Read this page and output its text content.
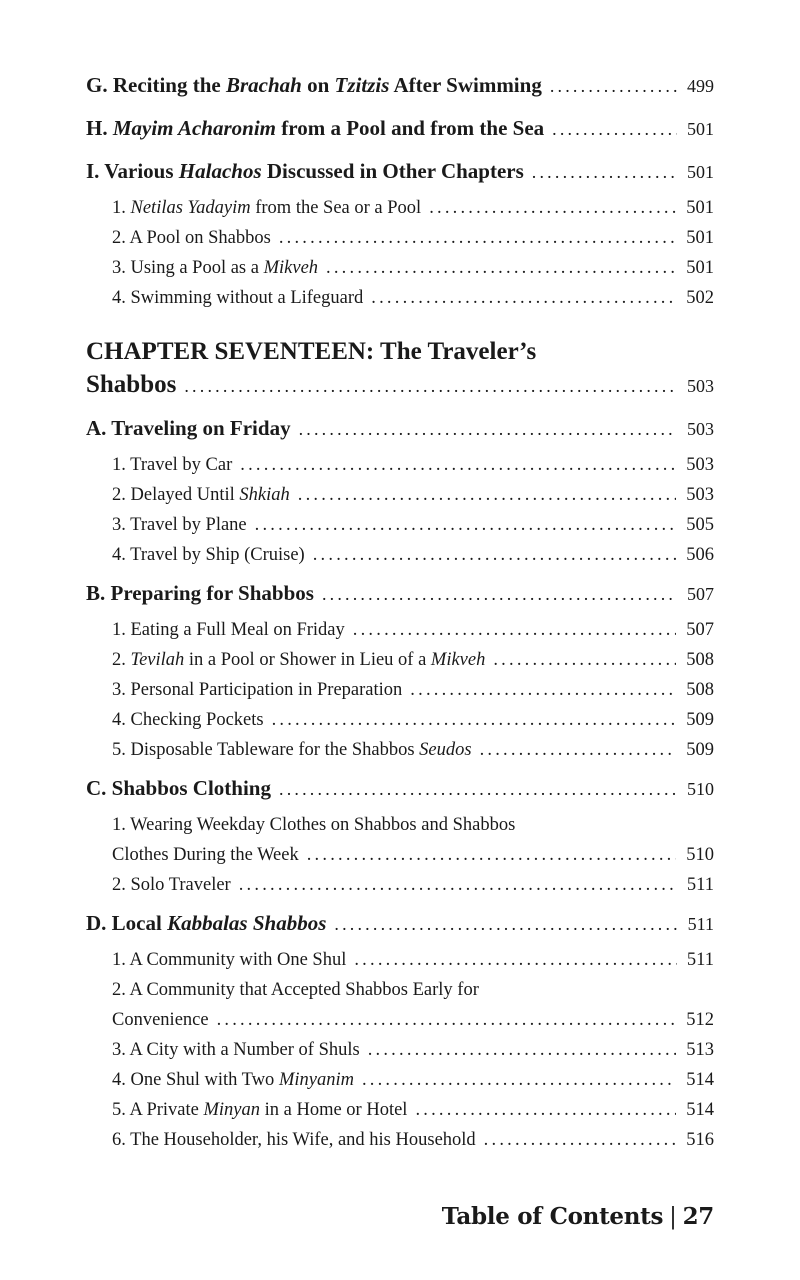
G. Reciting the Brachah on Tzitzis After Swimming .....	499
H. Mayim Acharonim from a Pool and from the Sea .....	501
I. Various Halachos Discussed in Other Chapters .....	501
1. Netilas Yadayim from the Sea or a Pool .....	501
2. A Pool on Shabbos .....	501
3. Using a Pool as a Mikveh .....	501
4. Swimming without a Lifeguard .....	502
CHAPTER SEVENTEEN: The Traveler’s
Shabbos .....	503
A. Traveling on Friday .....	503
1. Travel by Car .....	503
2. Delayed Until Shkiah .....	503
3. Travel by Plane .....	505
4. Travel by Ship (Cruise) .....	506
B. Preparing for Shabbos .....	507
1. Eating a Full Meal on Friday .....	507
2. Tevilah in a Pool or Shower in Lieu of a Mikveh .....	508
3. Personal Participation in Preparation .....	508
4. Checking Pockets .....	509
5. Disposable Tableware for the Shabbos Seudos .....	509
C. Shabbos Clothing .....	510
1. Wearing Weekday Clothes on Shabbos and Shabbos
Clothes During the Week .....	510
2. Solo Traveler .....	511
D. Local Kabbalas Shabbos .....	511
1. A Community with One Shul .....	511
2. A Community that Accepted Shabbos Early for
Convenience .....	512
3. A City with a Number of Shuls .....	513
4. One Shul with Two Minyanim .....	514
5. A Private Minyan in a Home or Hotel .....	514
6. The Householder, his Wife, and his Household .....	516
Table of Contents | 27
